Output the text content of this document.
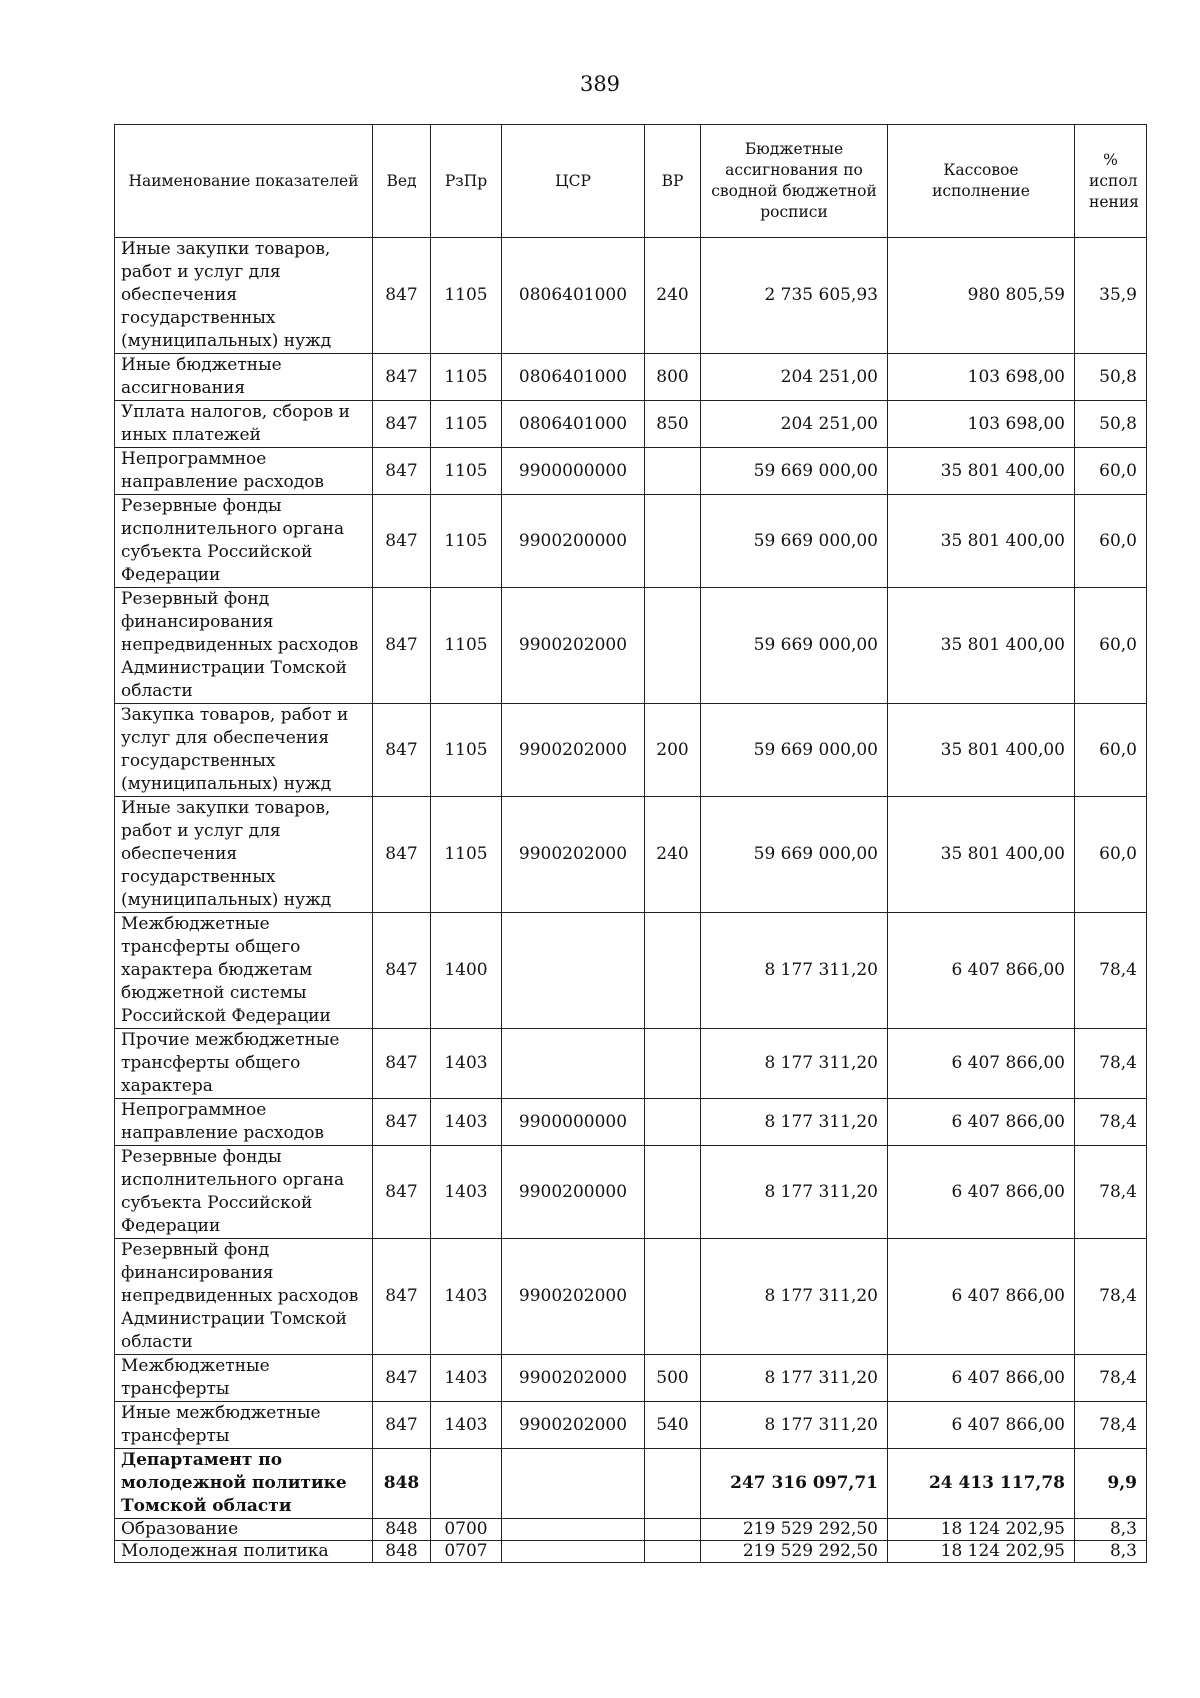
389
Наименование показателей	Вед	РзПр	ЦСР	ВР	Бюджетные ассигнования по сводной бюджетной росписи	Кассовое исполнение	% испол нения
Иные закупки товаров, работ и услуг для обеспечения государственных (муниципальных) нужд	847	1105	0806401000	240	2 735 605,93	980 805,59	35,9
Иные бюджетные ассигнования	847	1105	0806401000	800	204 251,00	103 698,00	50,8
Уплата налогов, сборов и иных платежей	847	1105	0806401000	850	204 251,00	103 698,00	50,8
Непрограммное направление расходов	847	1105	9900000000		59 669 000,00	35 801 400,00	60,0
Резервные фонды исполнительного органа субъекта Российской Федерации	847	1105	9900200000		59 669 000,00	35 801 400,00	60,0
Резервный фонд финансирования непредвиденных расходов Администрации Томской области	847	1105	9900202000		59 669 000,00	35 801 400,00	60,0
Закупка товаров, работ и услуг для обеспечения государственных (муниципальных) нужд	847	1105	9900202000	200	59 669 000,00	35 801 400,00	60,0
Иные закупки товаров, работ и услуг для обеспечения государственных (муниципальных) нужд	847	1105	9900202000	240	59 669 000,00	35 801 400,00	60,0
Межбюджетные трансферты общего характера бюджетам бюджетной системы Российской Федерации	847	1400			8 177 311,20	6 407 866,00	78,4
Прочие межбюджетные трансферты общего характера	847	1403			8 177 311,20	6 407 866,00	78,4
Непрограммное направление расходов	847	1403	9900000000		8 177 311,20	6 407 866,00	78,4
Резервные фонды исполнительного органа субъекта Российской Федерации	847	1403	9900200000		8 177 311,20	6 407 866,00	78,4
Резервный фонд финансирования непредвиденных расходов Администрации Томской области	847	1403	9900202000		8 177 311,20	6 407 866,00	78,4
Межбюджетные трансферты	847	1403	9900202000	500	8 177 311,20	6 407 866,00	78,4
Иные межбюджетные трансферты	847	1403	9900202000	540	8 177 311,20	6 407 866,00	78,4
Департамент по молодежной политике Томской области	848				247 316 097,71	24 413 117,78	9,9
Образование	848	0700			219 529 292,50	18 124 202,95	8,3
Молодежная политика	848	0707			219 529 292,50	18 124 202,95	8,3
